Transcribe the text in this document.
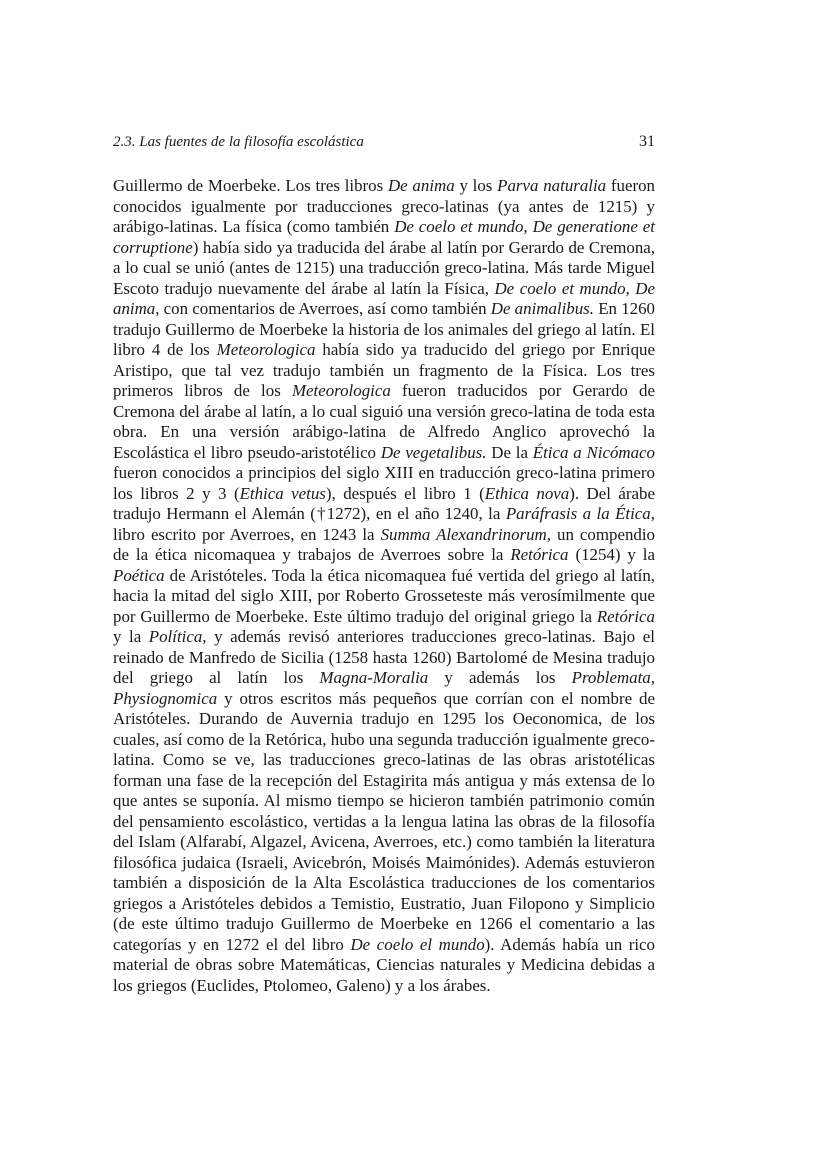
2.3. Las fuentes de la filosofía escolástica	31

Guillermo de Moerbeke. Los tres libros De anima y los Parva naturalia fueron conocidos igualmente por traducciones greco-latinas (ya antes de 1215) y arábigo-latinas. La física (como también De coelo et mundo, De generatione et corruptione) había sido ya traducida del árabe al latín por Gerardo de Cremona, a lo cual se unió (antes de 1215) una traducción greco-latina. Más tarde Miguel Escoto tradujo nuevamente del árabe al latín la Física, De coelo et mundo, De anima, con comentarios de Averroes, así como también De animalibus. En 1260 tradujo Guillermo de Moerbeke la historia de los animales del griego al latín. El libro 4 de los Meteorologica había sido ya traducido del griego por Enrique Aristipo, que tal vez tradujo también un fragmento de la Física. Los tres primeros libros de los Meteorologica fueron traducidos por Gerardo de Cremona del árabe al latín, a lo cual siguió una versión greco-latina de toda esta obra. En una versión arábigo-latina de Alfredo Anglico aprovechó la Escolástica el libro pseudo-aristotélico De vegetalibus. De la Ética a Nicómaco fueron conocidos a principios del siglo XIII en traducción greco-latina primero los libros 2 y 3 (Ethica vetus), después el libro 1 (Ethica nova). Del árabe tradujo Hermann el Alemán (†1272), en el año 1240, la Paráfrasis a la Ética, libro escrito por Averroes, en 1243 la Summa Alexandrinorum, un compendio de la ética nicomaquea y trabajos de Averroes sobre la Retórica (1254) y la Poética de Aristóteles. Toda la ética nicomaquea fué vertida del griego al latín, hacia la mitad del siglo XIII, por Roberto Grosseteste más verosímilmente que por Guillermo de Moerbeke. Este último tradujo del original griego la Retórica y la Política, y además revisó anteriores traducciones greco-latinas. Bajo el reinado de Manfredo de Sicilia (1258 hasta 1260) Bartolomé de Mesina tradujo del griego al latín los Magna-Moralia y además los Problemata, Physiognomica y otros escritos más pequeños que corrían con el nombre de Aristóteles. Durando de Auvernia tradujo en 1295 los Oeconomica, de los cuales, así como de la Retórica, hubo una segunda traducción igualmente greco-latina. Como se ve, las traducciones greco-latinas de las obras aristotélicas forman una fase de la recepción del Estagirita más antigua y más extensa de lo que antes se suponía. Al mismo tiempo se hicieron también patrimonio común del pensamiento escolástico, vertidas a la lengua latina las obras de la filosofía del Islam (Alfarabí, Algazel, Avicena, Averroes, etc.) como también la literatura filosófica judaica (Israeli, Avicebrón, Moisés Maimónides). Además estuvieron también a disposición de la Alta Escolástica traducciones de los comentarios griegos a Aristóteles debidos a Temistio, Eustratio, Juan Filopono y Simplicio (de este último tradujo Guillermo de Moerbeke en 1266 el comentario a las categorías y en 1272 el del libro De coelo el mundo). Además había un rico material de obras sobre Matemáticas, Ciencias naturales y Medicina debidas a los griegos (Euclides, Ptolomeo, Galeno) y a los árabes.
